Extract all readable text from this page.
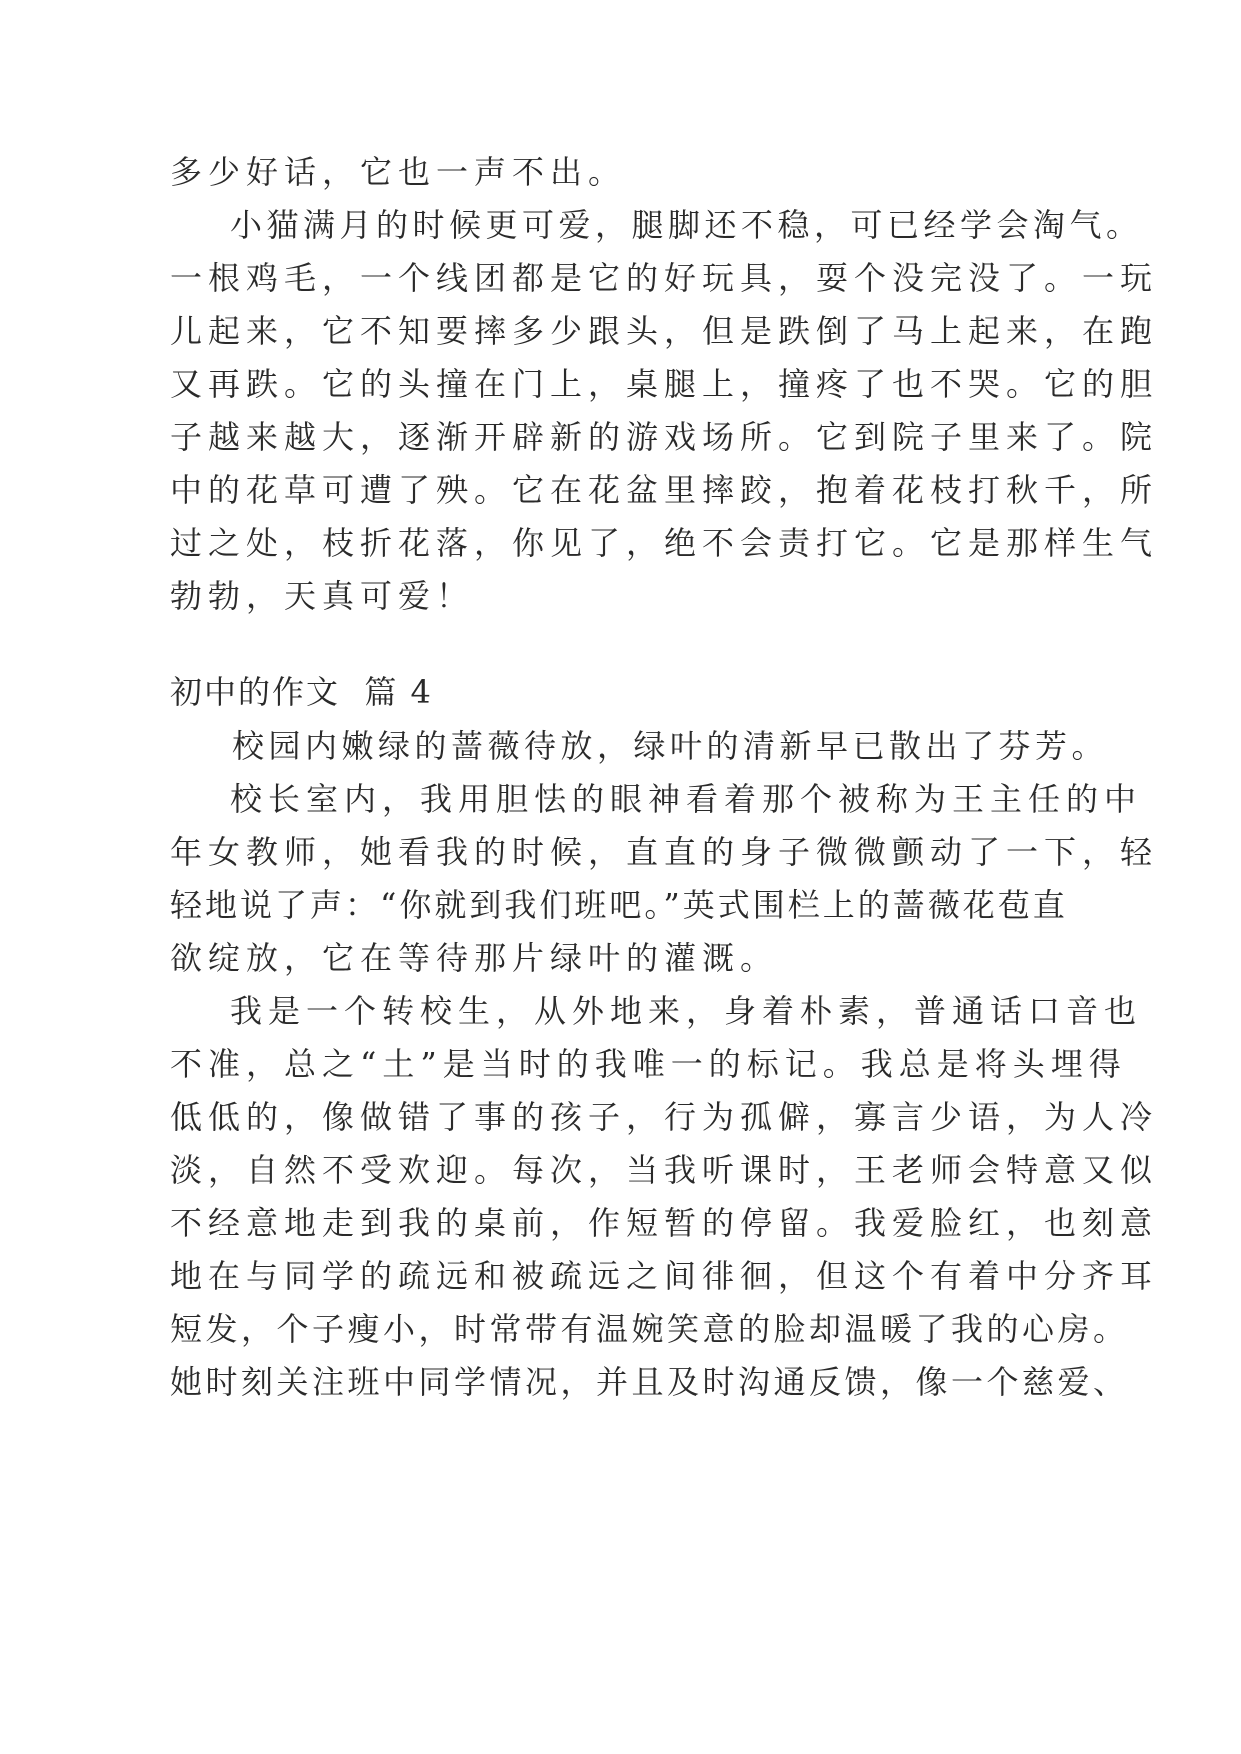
多少好话，它也一声不出。
小猫满月的时候更可爱，腿脚还不稳，可已经学会淘气。
一根鸡毛，一个线团都是它的好玩具，耍个没完没了。一玩
儿起来，它不知要摔多少跟头，但是跌倒了马上起来，在跑
又再跌。它的头撞在门上，桌腿上，撞疼了也不哭。它的胆
子越来越大，逐渐开辟新的游戏场所。它到院子里来了。院
中的花草可遭了殃。它在花盆里摔跤，抱着花枝打秋千，所
过之处，枝折花落，你见了，绝不会责打它。它是那样生气
勃勃，天真可爱！
初中的作文  篇 4
校园内嫩绿的蔷薇待放，绿叶的清新早已散出了芬芳。
校长室内，我用胆怯的眼神看着那个被称为王主任的中
年女教师，她看我的时候，直直的身子微微颤动了一下，轻
轻地说了声：“你就到我们班吧。”英式围栏上的蔷薇花苞直
欲绽放，它在等待那片绿叶的灌溉。
我是一个转校生，从外地来，身着朴素，普通话口音也
不准，总之“土”是当时的我唯一的标记。我总是将头埋得
低低的，像做错了事的孩子，行为孤僻，寡言少语，为人冷
淡，自然不受欢迎。每次，当我听课时，王老师会特意又似
不经意地走到我的桌前，作短暂的停留。我爱脸红，也刻意
地在与同学的疏远和被疏远之间徘徊，但这个有着中分齐耳
短发，个子瘦小，时常带有温婉笑意的脸却温暖了我的心房。
她时刻关注班中同学情况，并且及时沟通反馈，像一个慈爱、
